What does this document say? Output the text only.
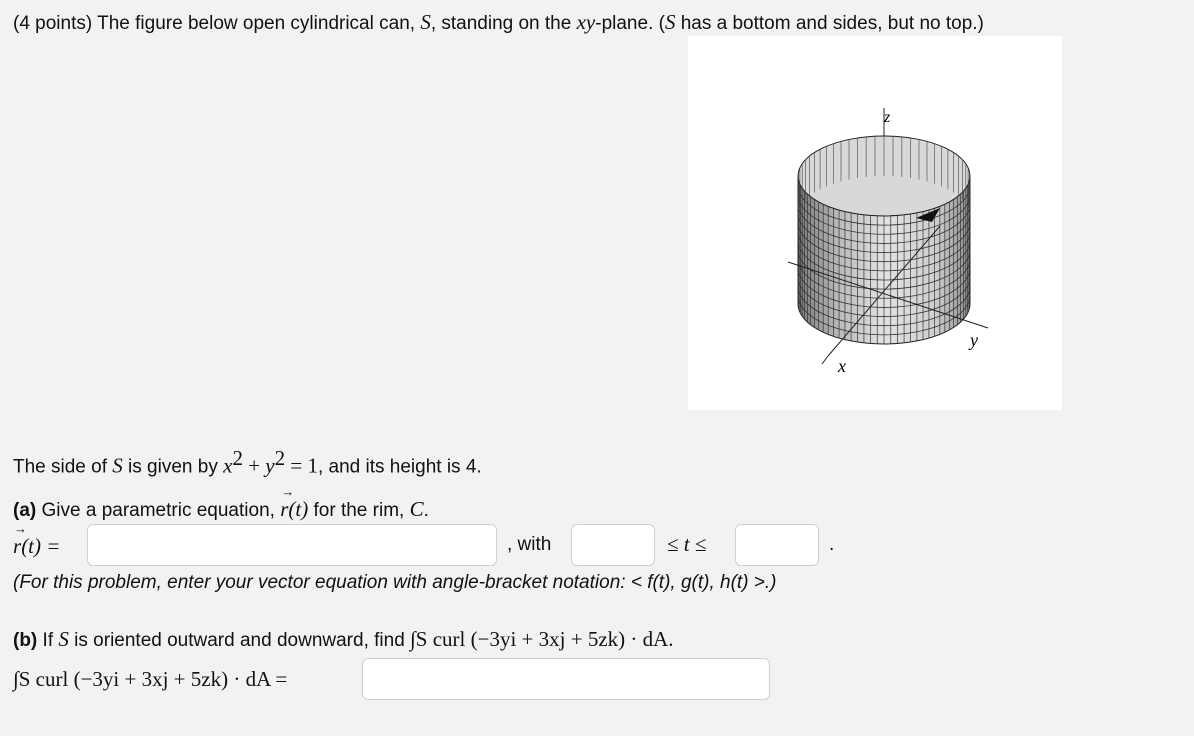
(4 points) The figure below open cylindrical can, S, standing on the xy-plane. (S has a bottom and sides, but no top.)
z
y
x
The side of S is given by $x^2 + y^2 = 1$, and its height is 4.
(a) Give a parametric equation, → r(t) for the rim, C.
→ r(t) =	, with	≤ t ≤	.
(For this problem, enter your vector equation with angle-bracket notation: < f(t), g(t), h(t) >.)
(b) If S is oriented outward and downward, find ∫S curl (−3yi + 3xj + 5zk) · dA.
∫S curl (−3yi + 3xj + 5zk) · dA =
